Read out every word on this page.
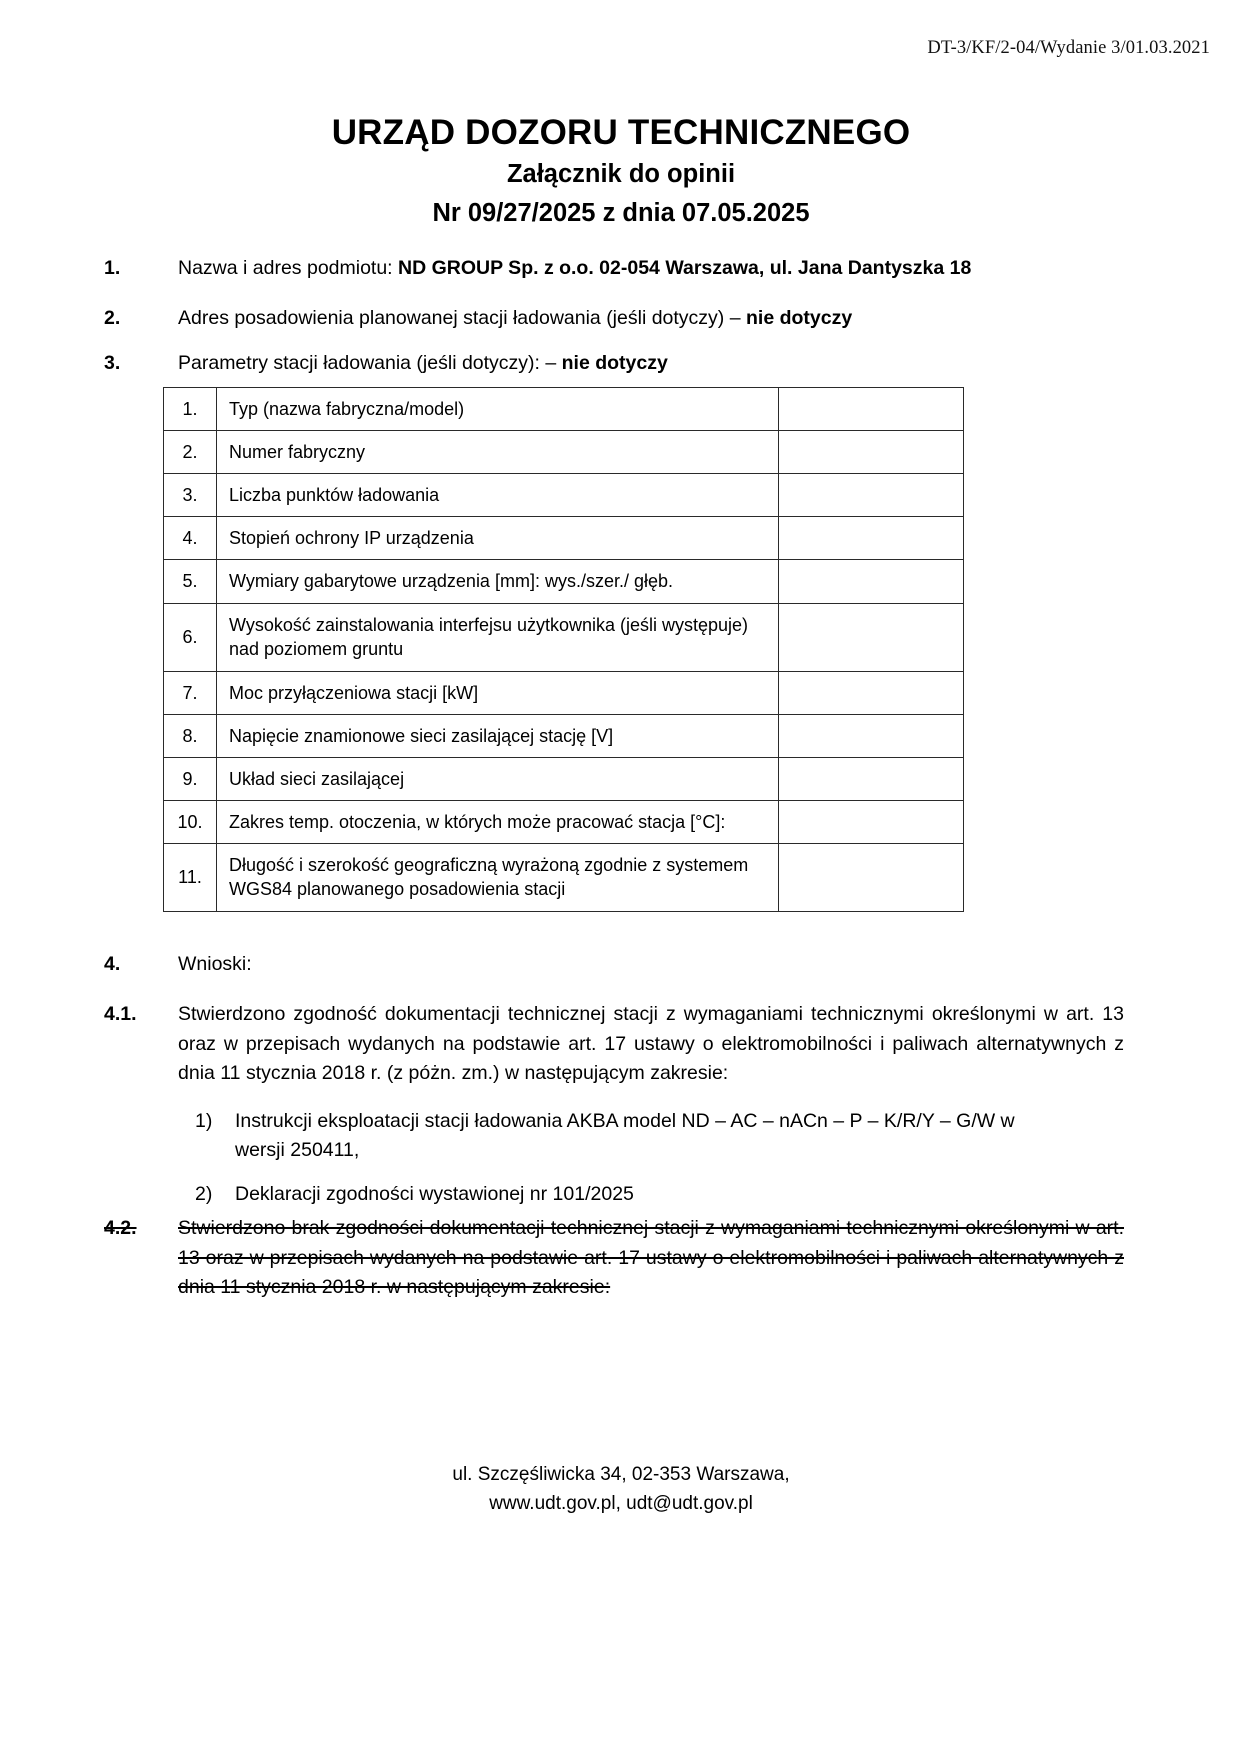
DT-3/KF/2-04/Wydanie 3/01.03.2021
URZĄD DOZORU TECHNICZNEGO
Załącznik do opinii
Nr 09/27/2025 z dnia 07.05.2025
1.	Nazwa i adres podmiotu: ND GROUP Sp. z o.o. 02-054 Warszawa, ul. Jana Dantyszka 18
2.	Adres posadowienia planowanej stacji ładowania (jeśli dotyczy) – nie dotyczy
3.	Parametry stacji ładowania (jeśli dotyczy): – nie dotyczy
1.	Typ (nazwa fabryczna/model)	
2.	Numer fabryczny	
3.	Liczba punktów ładowania	
4.	Stopień ochrony IP urządzenia	
5.	Wymiary gabarytowe urządzenia [mm]: wys./szer./ głęb.	
6.	Wysokość zainstalowania interfejsu użytkownika (jeśli występuje) nad poziomem gruntu	
7.	Moc przyłączeniowa stacji [kW]	
8.	Napięcie znamionowe sieci zasilającej stację [V]	
9.	Układ sieci zasilającej	
10.	Zakres temp. otoczenia, w których może pracować stacja [°C]:	
11.	Długość i szerokość geograficzną wyrażoną zgodnie z systemem WGS84 planowanego posadowienia stacji	
4.	Wnioski:
4.1.	Stwierdzono zgodność dokumentacji technicznej stacji z wymaganiami technicznymi określonymi w art. 13 oraz w przepisach wydanych na podstawie art. 17 ustawy o elektromobilności i paliwach alternatywnych z dnia 11 stycznia 2018 r. (z póżn. zm.) w następującym zakresie:
1)	Instrukcji eksploatacji stacji ładowania AKBA model ND – AC – nACn – P – K/R/Y – G/W w wersji 250411,
2)	Deklaracji zgodności wystawionej nr 101/2025
4.2.	Stwierdzono brak zgodności dokumentacji technicznej stacji z wymaganiami technicznymi określonymi w art. 13 oraz w przepisach wydanych na podstawie art. 17 ustawy o elektromobilności i paliwach alternatywnych z dnia 11 stycznia 2018 r. w następującym zakresie:
ul. Szczęśliwicka 34, 02-353 Warszawa,
www.udt.gov.pl, udt@udt.gov.pl
